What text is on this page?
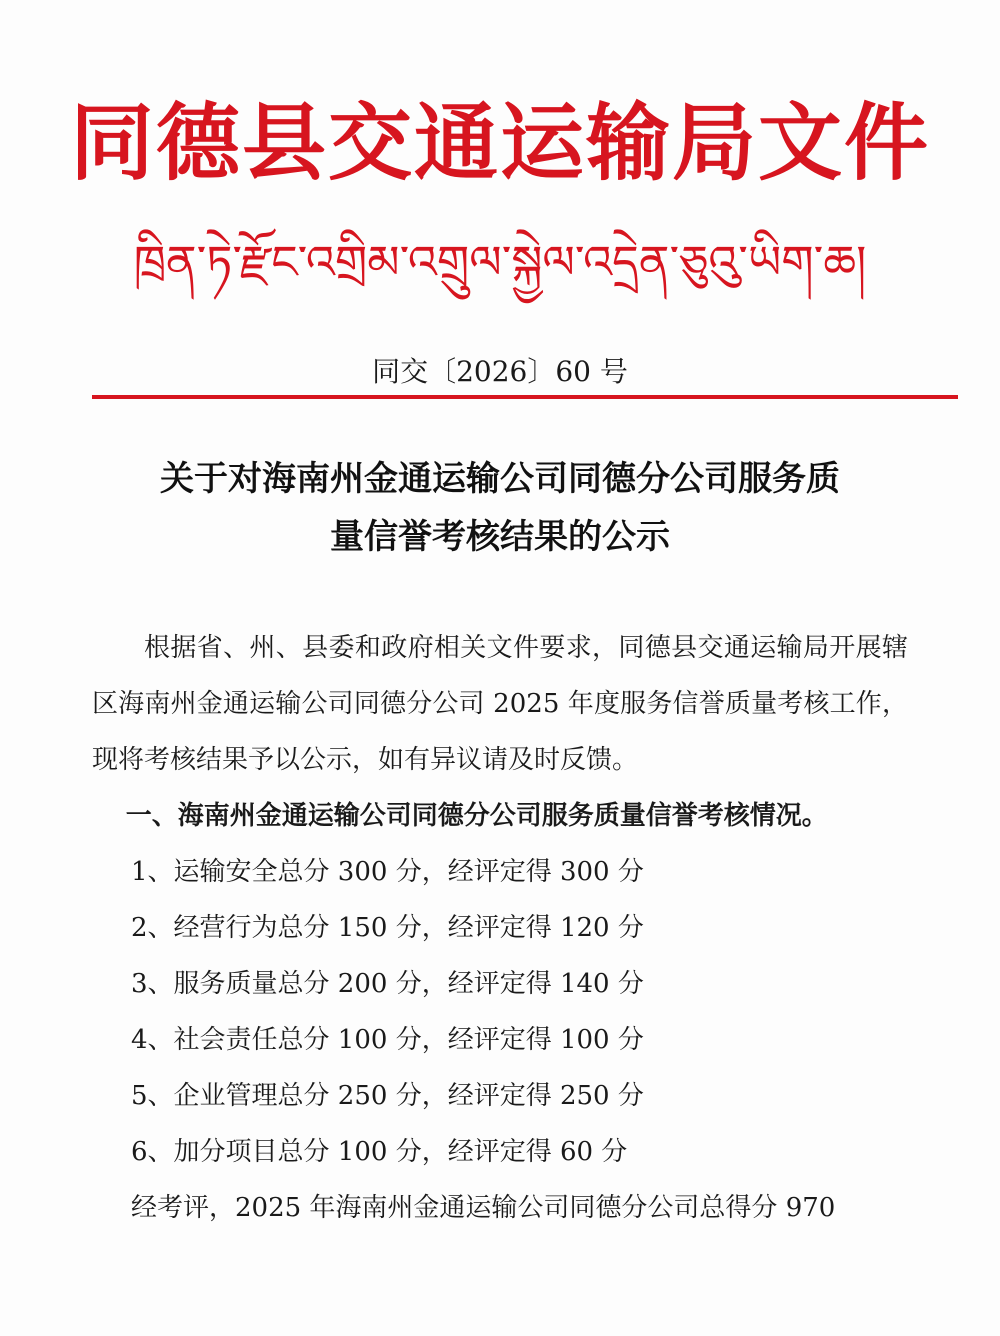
同德县交通运输局文件
ཁྲིན་ཏེ་རྫོང་འགྲིམ་འགྲུལ་སྐྱེལ་འདྲེན་ཅུའུ་ཡིག་ཆ།
同交〔2026〕60 号
关于对海南州金通运输公司同德分公司服务质
量信誉考核结果的公示
根据省、州、县委和政府相关文件要求，同德县交通运输局开展辖区海南州金通运输公司同德分公司 2025 年度服务信誉质量考核工作，现将考核结果予以公示，如有异议请及时反馈。
一、海南州金通运输公司同德分公司服务质量信誉考核情况。
1、运输安全总分 300 分，经评定得 300 分
2、经营行为总分 150 分，经评定得 120 分
3、服务质量总分 200 分，经评定得 140 分
4、社会责任总分 100 分，经评定得 100 分
5、企业管理总分 250 分，经评定得 250 分
6、加分项目总分 100 分，经评定得 60 分
经考评，2025 年海南州金通运输公司同德分公司总得分 970
